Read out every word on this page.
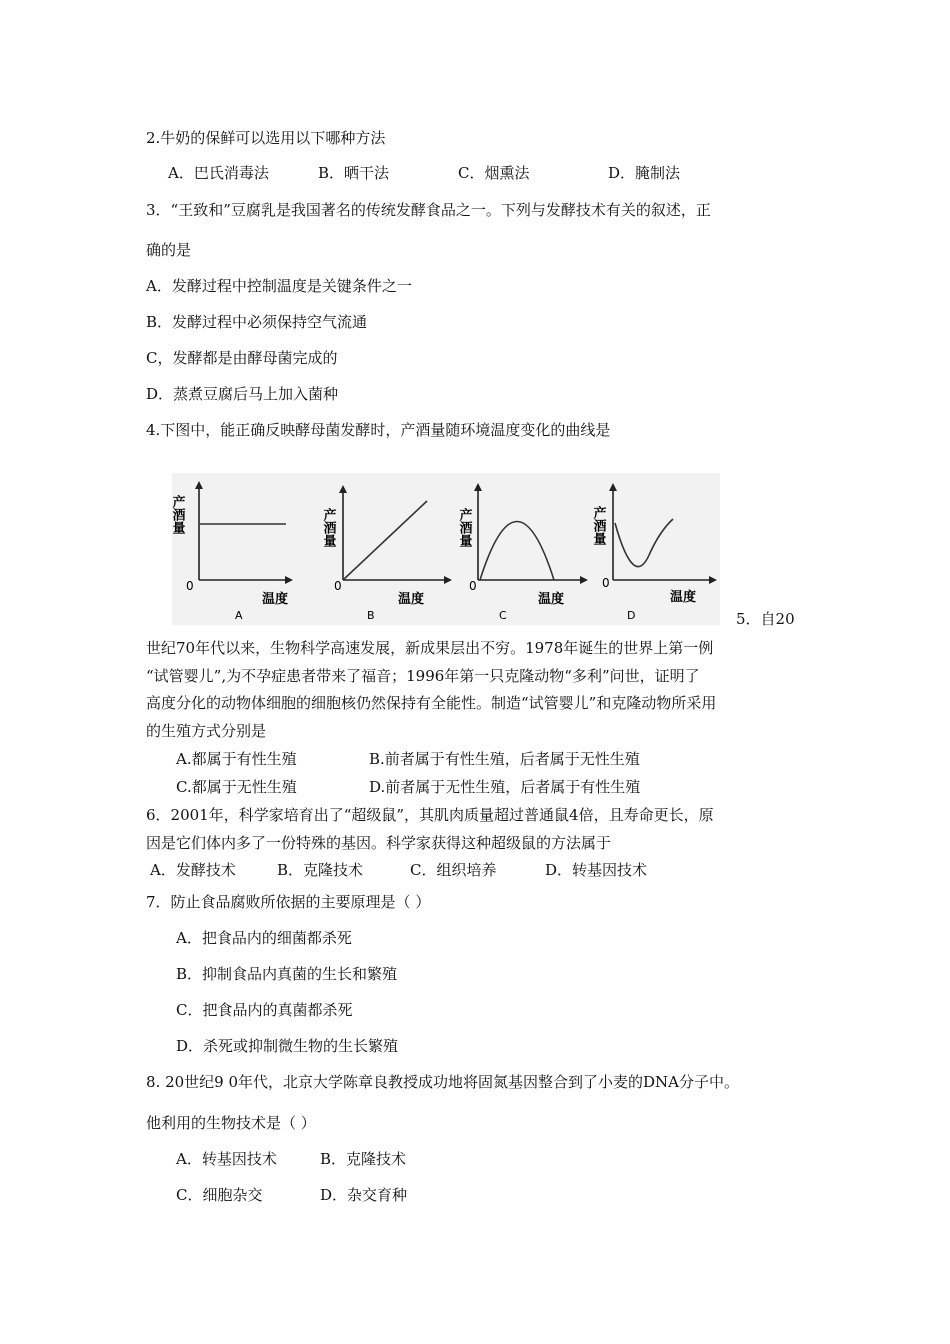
2.牛奶的保鲜可以选用以下哪种方法
A．巴氏消毒法	B．晒干法	C．烟熏法	D．腌制法
3．“王致和”豆腐乳是我国著名的传统发酵食品之一。下列与发酵技术有关的叙述，正
确的是
A．发酵过程中控制温度是关键条件之一
B．发酵过程中必须保持空气流通
C，发酵都是由酵母菌完成的
D．蒸煮豆腐后马上加入菌种
4.下图中，能正确反映酵母菌发酵时，产酒量随环境温度变化的曲线是
产酒量
0
温度
A
产酒量
0
温度
B
产酒量
0
温度
C
产酒量
0
温度
D	5．自20
世纪70年代以来，生物科学高速发展，新成果层出不穷。1978年诞生的世界上第一例
“试管婴儿”,为不孕症患者带来了福音；1996年第一只克隆动物“多利”问世，证明了
高度分化的动物体细胞的细胞核仍然保持有全能性。制造“试管婴儿”和克隆动物所采用
的生殖方式分别是
A.都属于有性生殖	B.前者属于有性生殖，后者属于无性生殖
C.都属于无性生殖	D.前者属于无性生殖，后者属于有性生殖
6．2001年，科学家培育出了“超级鼠”，其肌肉质量超过普通鼠4倍，且寿命更长，原
因是它们体内多了一份特殊的基因。科学家获得这种超级鼠的方法属于
A．发酵技术	B．克隆技术	C．组织培养	D．转基因技术
7．防止食品腐败所依据的主要原理是（ ）
A．把食品内的细菌都杀死
B．抑制食品内真菌的生长和繁殖
C．把食品内的真菌都杀死
D．杀死或抑制微生物的生长繁殖
8. 20世纪9 0年代，北京大学陈章良教授成功地将固氮基因整合到了小麦的DNA分子中。
他利用的生物技术是（ ）
A．转基因技术	B．克隆技术
C．细胞杂交	D．杂交育种
